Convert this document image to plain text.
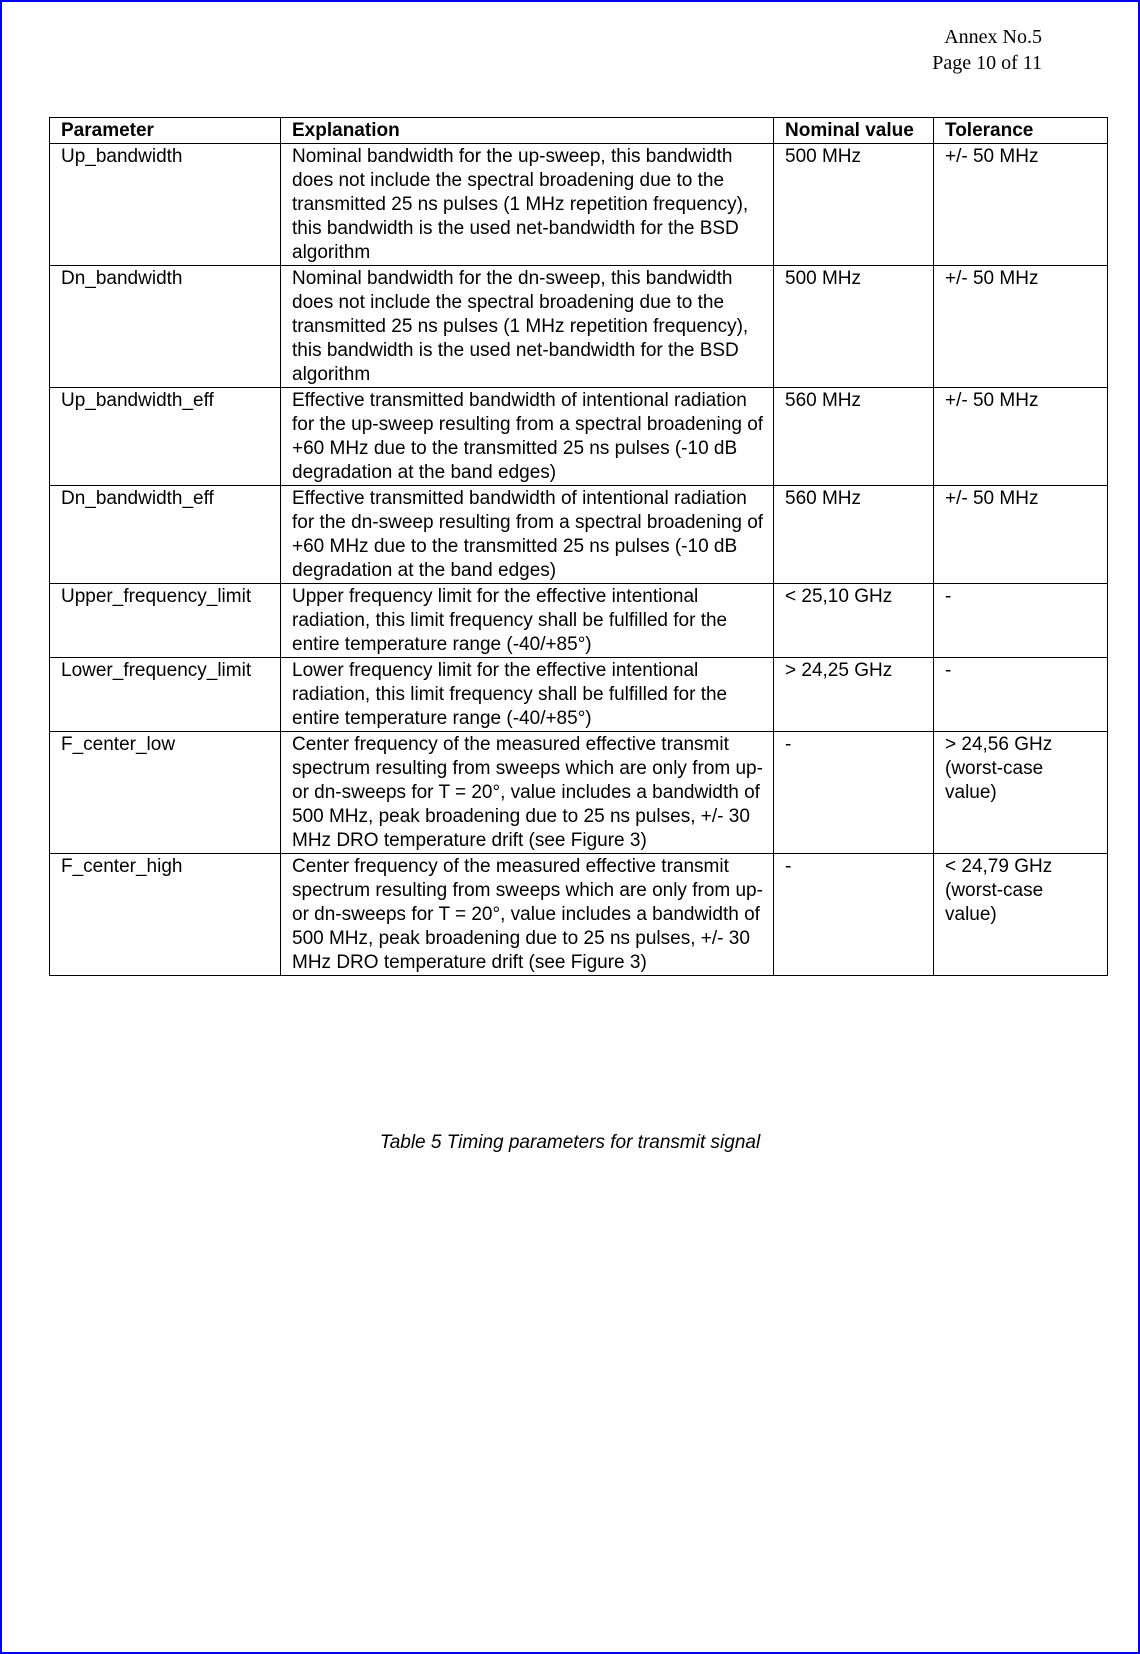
Annex No.5
Page 10 of 11
Parameter	Explanation	Nominal value	Tolerance
Up_bandwidth	Nominal bandwidth for the up-sweep, this bandwidth does not include the spectral broadening due to the transmitted 25 ns pulses (1 MHz repetition frequency), this bandwidth is the used net-bandwidth for the BSD algorithm	500 MHz	+/- 50 MHz
Dn_bandwidth	Nominal bandwidth for the dn-sweep, this bandwidth does not include the spectral broadening due to the transmitted 25 ns pulses (1 MHz repetition frequency), this bandwidth is the used net-bandwidth for the BSD algorithm	500 MHz	+/- 50 MHz
Up_bandwidth_eff	Effective transmitted bandwidth of intentional radiation for the up-sweep resulting from a spectral broadening of +60 MHz due to the transmitted 25 ns pulses (-10 dB degradation at the band edges)	560 MHz	+/- 50 MHz
Dn_bandwidth_eff	Effective transmitted bandwidth of intentional radiation for the dn-sweep resulting from a spectral broadening of +60 MHz due to the transmitted 25 ns pulses (-10 dB degradation at the band edges)	560 MHz	+/- 50 MHz
Upper_frequency_limit	Upper frequency limit for the effective intentional radiation, this limit frequency shall be fulfilled for the entire temperature range (-40/+85°)	< 25,10 GHz	-
Lower_frequency_limit	Lower frequency limit for the effective intentional radiation, this limit frequency shall be fulfilled for the entire temperature range (-40/+85°)	> 24,25 GHz	-
F_center_low	Center frequency of the measured effective transmit spectrum resulting from sweeps which are only from up- or dn-sweeps for T = 20°, value includes a bandwidth of 500 MHz, peak broadening due to 25 ns pulses, +/- 30 MHz DRO temperature drift (see Figure 3)	-	> 24,56 GHz (worst-case value)
F_center_high	Center frequency of the measured effective transmit spectrum resulting from sweeps which are only from up- or dn-sweeps for T = 20°, value includes a bandwidth of 500 MHz, peak broadening due to 25 ns pulses, +/- 30 MHz DRO temperature drift (see Figure 3)	-	< 24,79 GHz (worst-case value)
Table 5 Timing parameters for transmit signal
